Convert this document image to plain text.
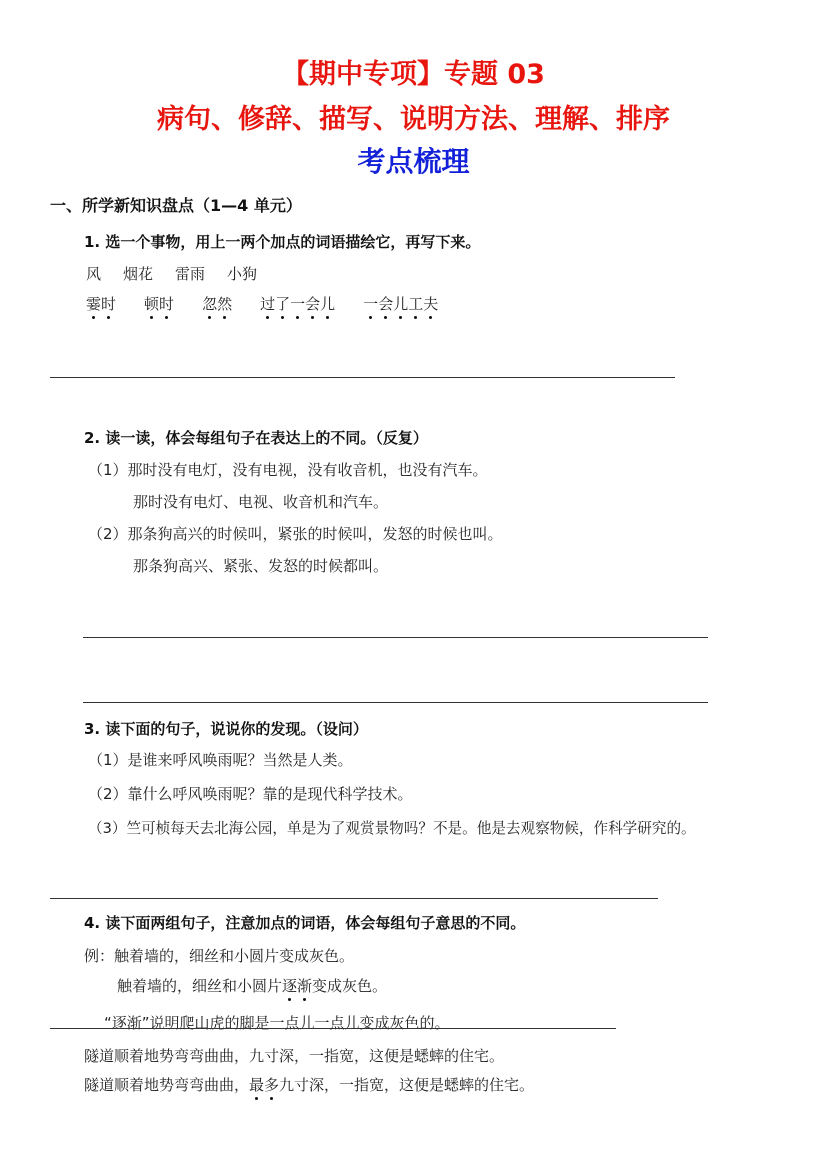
【期中专项】专题 03
病句、修辞、描写、说明方法、理解、排序
考点梳理
一、所学新知识盘点（1—4 单元）
1. 选一个事物，用上一两个加点的词语描绘它，再写下来。
风 烟花 雷雨 小狗
霎时 顿时 忽然 过了一会儿 一会儿工夫
2. 读一读，体会每组句子在表达上的不同。（反复）
（1）那时没有电灯，没有电视，没有收音机，也没有汽车。
那时没有电灯、电视、收音机和汽车。
（2）那条狗高兴的时候叫，紧张的时候叫，发怒的时候也叫。
那条狗高兴、紧张、发怒的时候都叫。
3. 读下面的句子，说说你的发现。（设问）
（1）是谁来呼风唤雨呢？当然是人类。
（2）靠什么呼风唤雨呢？靠的是现代科学技术。
（3）竺可桢每天去北海公园，单是为了观赏景物吗？不是。他是去观察物候，作科学研究的。
4. 读下面两组句子，注意加点的词语，体会每组句子意思的不同。
例：触着墙的，细丝和小圆片变成灰色。
触着墙的，细丝和小圆片逐渐变成灰色。
“逐渐”说明爬山虎的脚是一点儿一点儿变成灰色的。
隧道顺着地势弯弯曲曲，九寸深，一指宽，这便是蟋蟀的住宅。
隧道顺着地势弯弯曲曲，最多九寸深，一指宽，这便是蟋蟀的住宅。
